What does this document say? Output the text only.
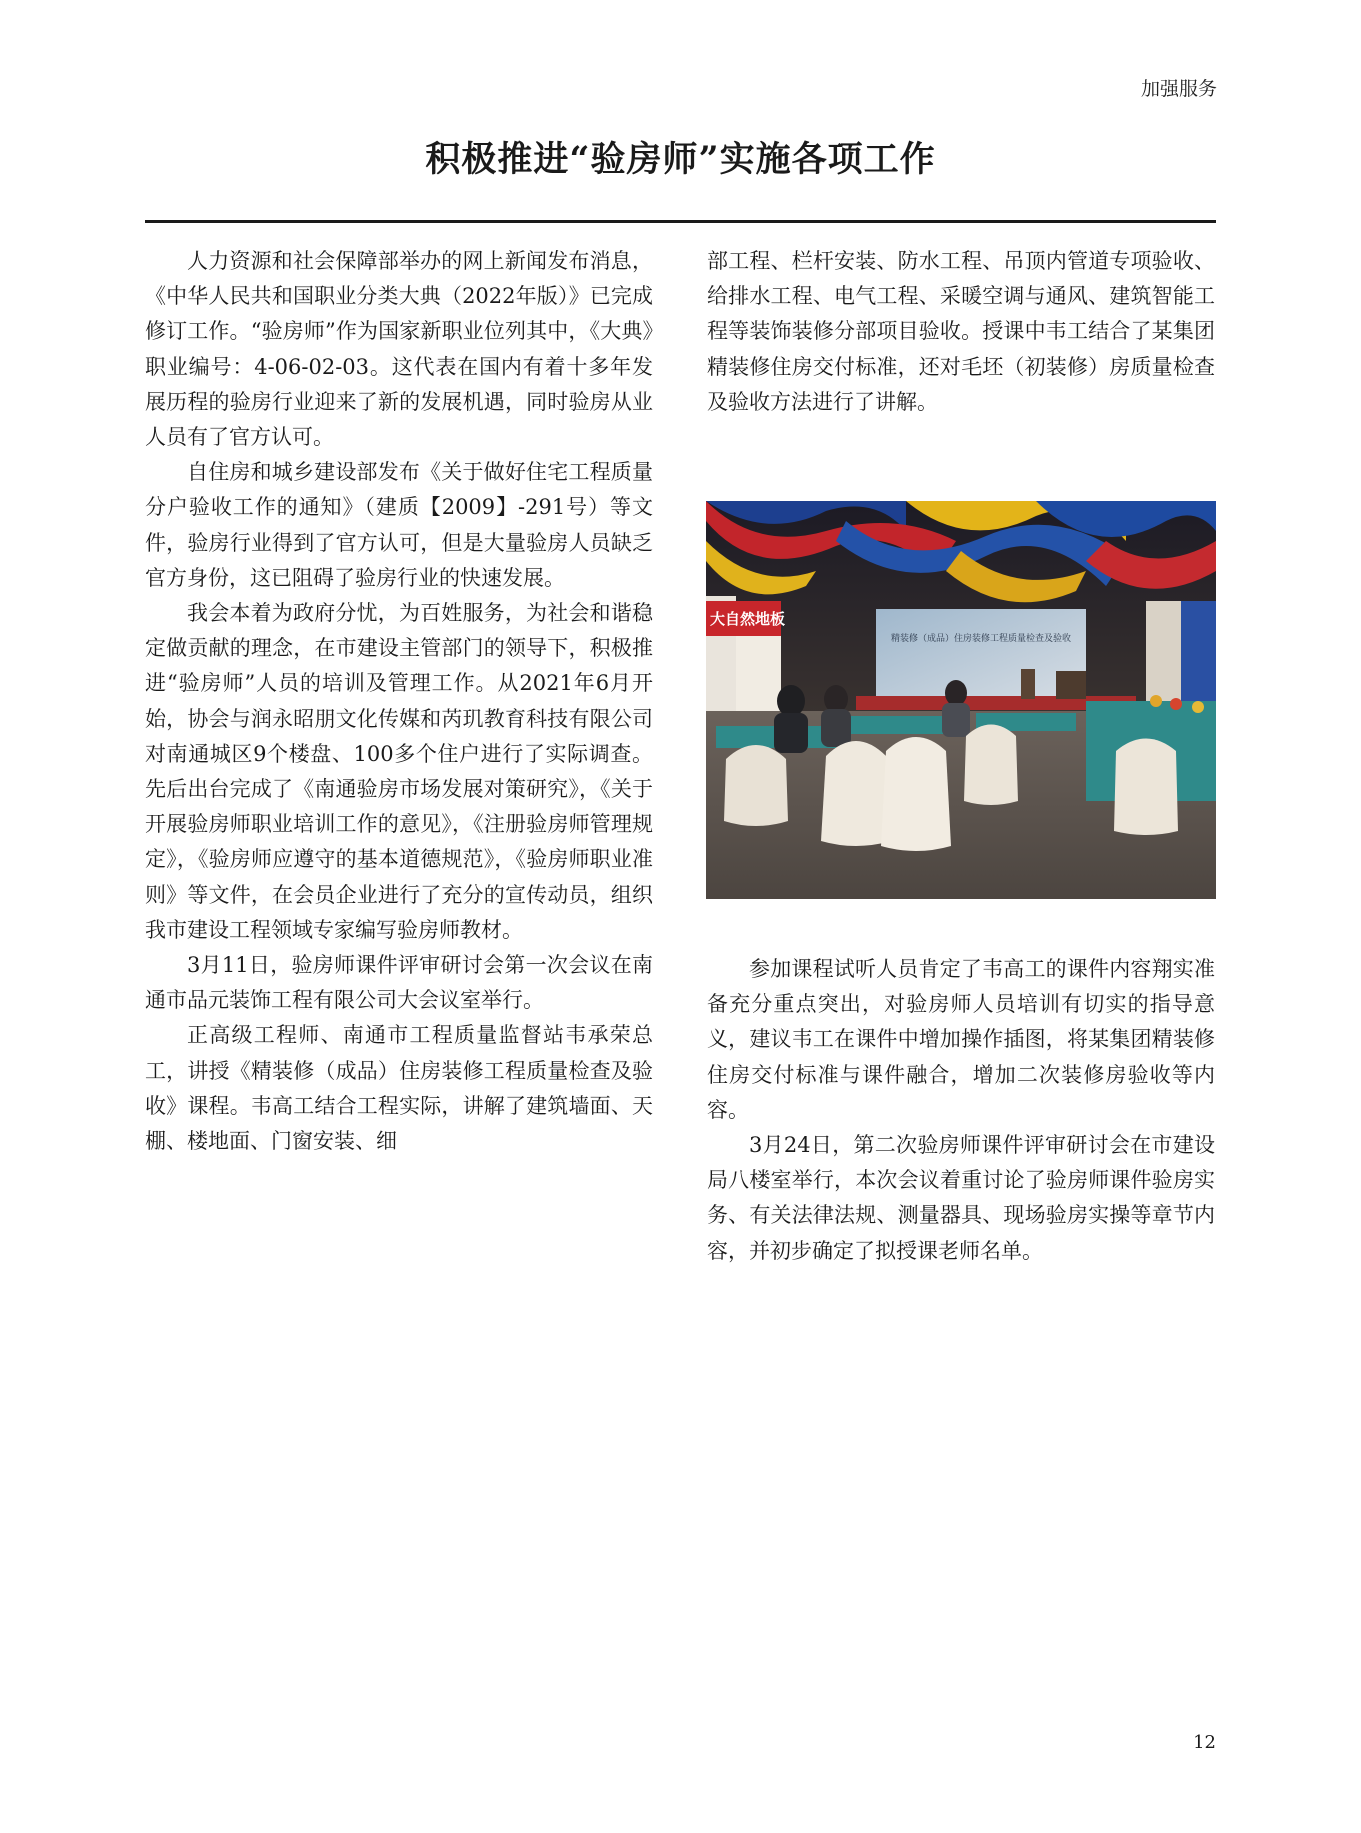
加强服务
积极推进“验房师”实施各项工作

人力资源和社会保障部举办的网上新闻发布消息，《中华人民共和国职业分类大典（2022年版）》已完成修订工作。“验房师”作为国家新职业位列其中，《大典》职业编号：4-06-02-03。这代表在国内有着十多年发展历程的验房行业迎来了新的发展机遇，同时验房从业人员有了官方认可。

自住房和城乡建设部发布《关于做好住宅工程质量分户验收工作的通知》（建质【2009】-291号）等文件，验房行业得到了官方认可，但是大量验房人员缺乏官方身份，这已阻碍了验房行业的快速发展。

我会本着为政府分忧，为百姓服务，为社会和谐稳定做贡献的理念，在市建设主管部门的领导下，积极推进“验房师”人员的培训及管理工作。从2021年6月开始，协会与润永昭朋文化传媒和芮玑教育科技有限公司对南通城区9个楼盘、100多个住户进行了实际调查。先后出台完成了《南通验房市场发展对策研究》，《关于开展验房师职业培训工作的意见》，《注册验房师管理规定》，《验房师应遵守的基本道德规范》，《验房师职业准则》等文件，在会员企业进行了充分的宣传动员，组织我市建设工程领域专家编写验房师教材。

3月11日，验房师课件评审研讨会第一次会议在南通市品元装饰工程有限公司大会议室举行。

正高级工程师、南通市工程质量监督站韦承荣总工，讲授《精装修（成品）住房装修工程质量检查及验收》课程。韦高工结合工程实际，讲解了建筑墙面、天棚、楼地面、门窗安装、细

部工程、栏杆安装、防水工程、吊顶内管道专项验收、给排水工程、电气工程、采暖空调与通风、建筑智能工程等装饰装修分部项目验收。授课中韦工结合了某集团精装修住房交付标准，还对毛坯（初装修）房质量检查及验收方法进行了讲解。

大自然地板
精装修（成品）住房装修工程质量检查及验收

参加课程试听人员肯定了韦高工的课件内容翔实准备充分重点突出，对验房师人员培训有切实的指导意义，建议韦工在课件中增加操作插图，将某集团精装修住房交付标准与课件融合，增加二次装修房验收等内容。

3月24日，第二次验房师课件评审研讨会在市建设局八楼室举行，本次会议着重讨论了验房师课件验房实务、有关法律法规、测量器具、现场验房实操等章节内容，并初步确定了拟授课老师名单。

12
